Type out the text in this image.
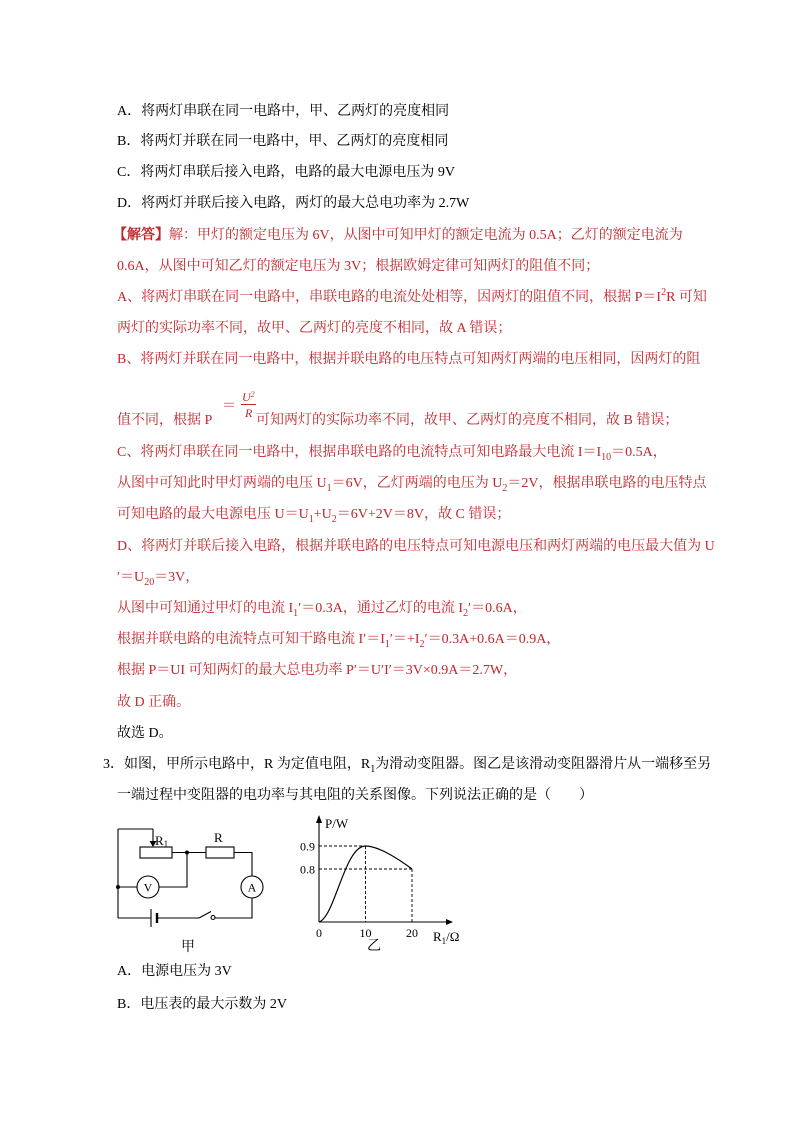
A．将两灯串联在同一电路中，甲、乙两灯的亮度相同
B．将两灯并联在同一电路中，甲、乙两灯的亮度相同
C．将两灯串联后接入电路，电路的最大电源电压为 9V
D．将两灯并联后接入电路，两灯的最大总电功率为 2.7W
【解答】解：甲灯的额定电压为 6V，从图中可知甲灯的额定电流为 0.5A；乙灯的额定电流为
0.6A，从图中可知乙灯的额定电压为 3V；根据欧姆定律可知两灯的阻值不同；
A、将两灯串联在同一电路中，串联电路的电流处处相等，因两灯的阻值不同，根据 $P=I^2R$ 可知
两灯的实际功率不同，故甲、乙两灯的亮度不相同，故 A 错误；
B、将两灯并联在同一电路中，根据并联电路的电压特点可知两灯两端的电压相同，因两灯的阻
值不同，根据 P
＝
$U^2$
R 可知两灯的实际功率不同，故甲、乙两灯的亮度不相同，故 B 错误；
C、将两灯串联在同一电路中，根据串联电路的电流特点可知电路最大电流 $I=I_{10}=0.5A$，
从图中可知此时甲灯两端的电压 $U_1=6V$，乙灯两端的电压为 $U_2=2V$，根据串联电路的电压特点
可知电路的最大电源电压 $U=U_1+U_2=6V+2V=8V$，故 C 错误；
D、将两灯并联后接入电路，根据并联电路的电压特点可知电源电压和两灯两端的电压最大值为 U
$'=U_{20}=3V$，
从图中可知通过甲灯的电流 $I_1'=0.3A$，通过乙灯的电流 $I_2'=0.6A$，
根据并联电路的电流特点可知干路电流 $I'=I_1'=+I_2'=0.3A+0.6A=0.9A$，
根据 P＝UI 可知两灯的最大总电功率 P′＝U′I′＝3V×0.9A＝2.7W，
故 D 正确。
故选 D。
3．如图，甲所示电路中，R 为定值电阻，$R_1$为滑动变阻器。图乙是该滑动变阻器滑片从一端移至另
一端过程中变阻器的电功率与其电阻的关系图像。下列说法正确的是（　　）
R1	R
V	A
甲
P/W
0.9
0.8
0	10	20 $R_1/\Omega$
乙
A．电源电压为 3V
B．电压表的最大示数为 2V
